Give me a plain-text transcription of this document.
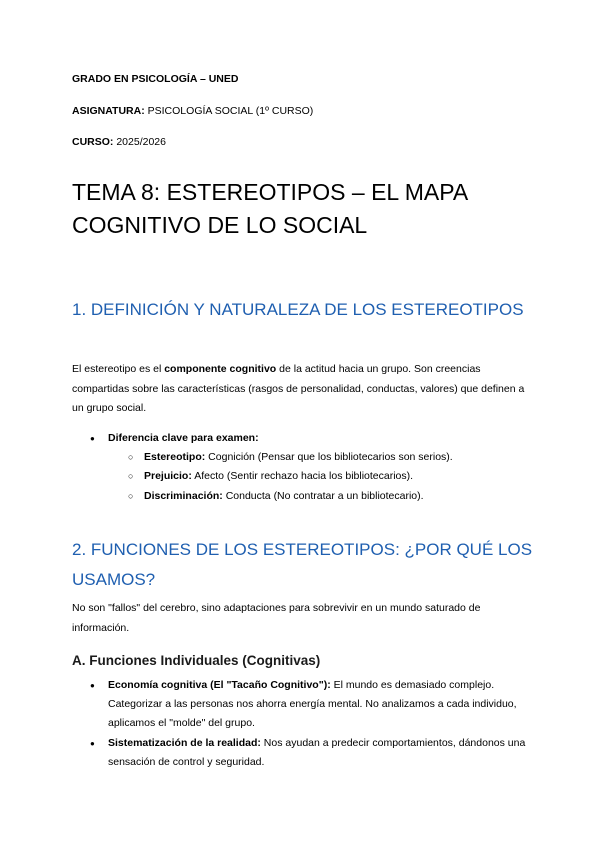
GRADO EN PSICOLOGÍA – UNED
ASIGNATURA: PSICOLOGÍA SOCIAL (1º CURSO)
CURSO: 2025/2026
TEMA 8: ESTEREOTIPOS – EL MAPA COGNITIVO DE LO SOCIAL
1. DEFINICIÓN Y NATURALEZA DE LOS ESTEREOTIPOS

El estereotipo es el componente cognitivo de la actitud hacia un grupo. Son creencias compartidas sobre las características (rasgos de personalidad, conductas, valores) que definen a un grupo social.

● Diferencia clave para examen:
○ Estereotipo: Cognición (Pensar que los bibliotecarios son serios).
○ Prejuicio: Afecto (Sentir rechazo hacia los bibliotecarios).
○ Discriminación: Conducta (No contratar a un bibliotecario).
2. FUNCIONES DE LOS ESTEREOTIPOS: ¿POR QUÉ LOS USAMOS?

No son "fallos" del cerebro, sino adaptaciones para sobrevivir en un mundo saturado de información.

A. Funciones Individuales (Cognitivas)
● Economía cognitiva (El "Tacaño Cognitivo"): El mundo es demasiado complejo. Categorizar a las personas nos ahorra energía mental. No analizamos a cada individuo, aplicamos el "molde" del grupo.
● Sistematización de la realidad: Nos ayudan a predecir comportamientos, dándonos una sensación de control y seguridad.
